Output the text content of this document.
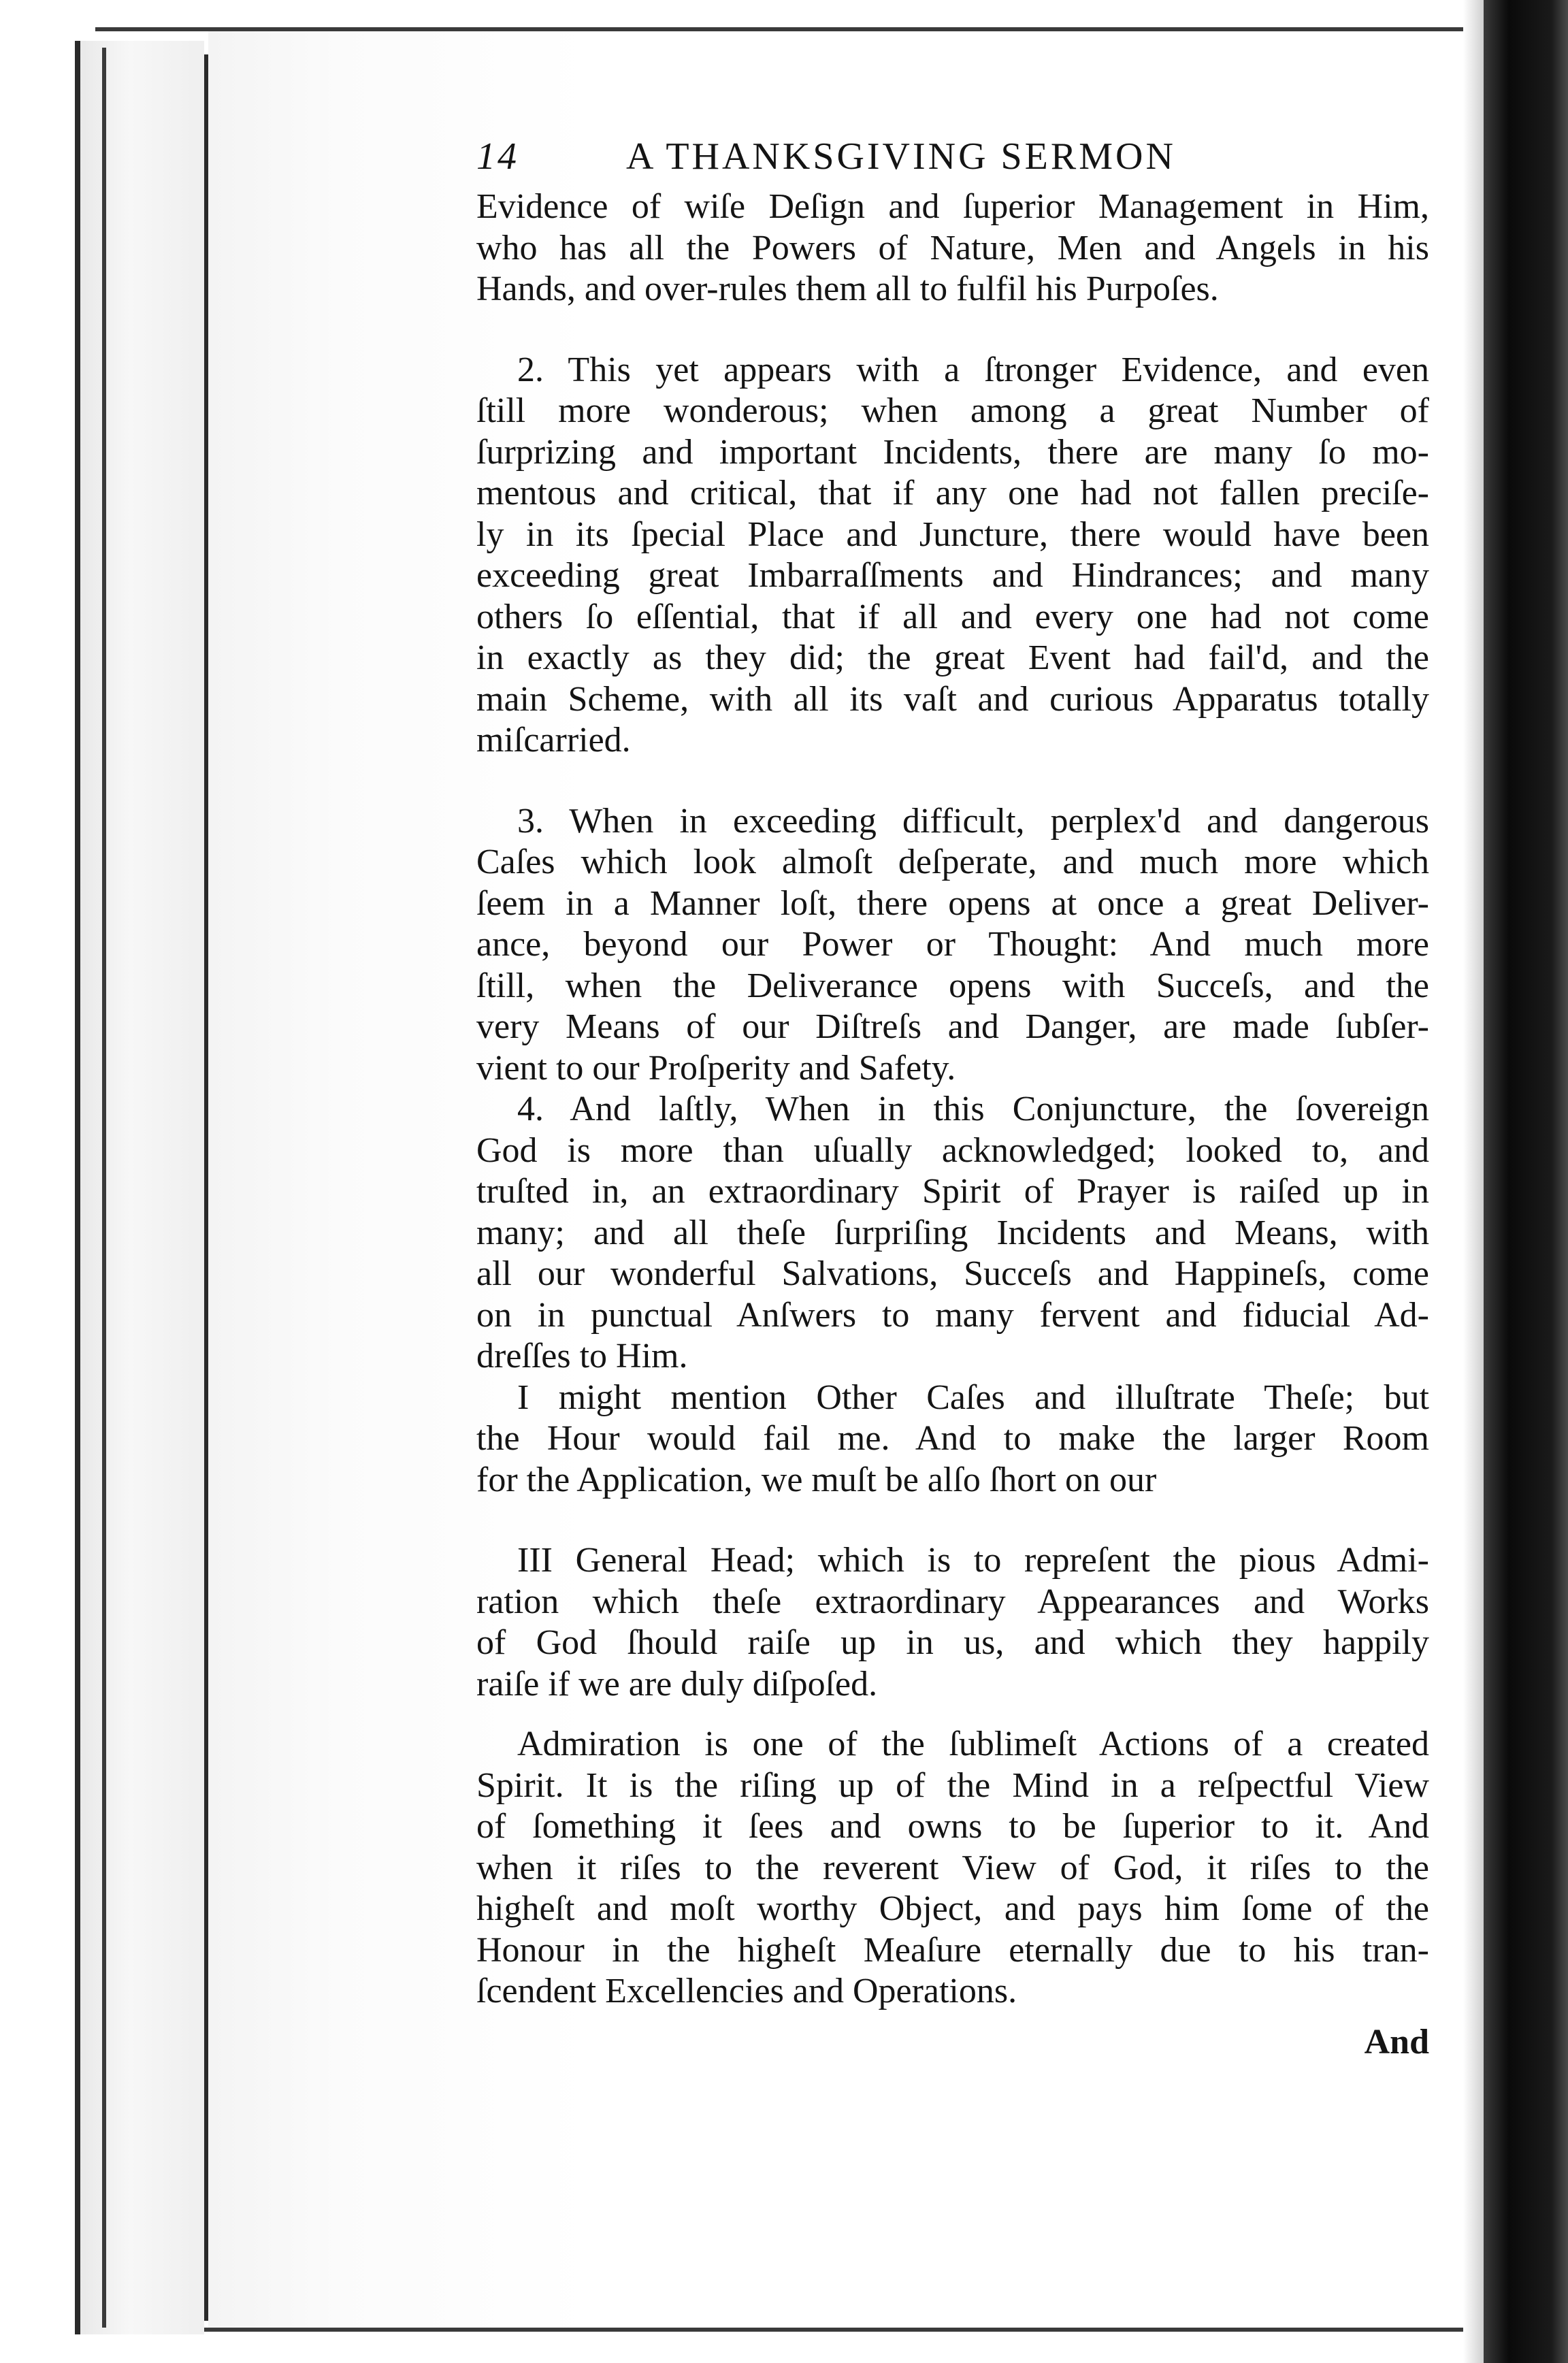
14	A THANKSGIVING SERMON

Evidence of wiſe Deſign and ſuperior Management in Him,
who has all the Powers of Nature, Men and Angels in his
Hands, and over-rules them all to fulfil his Purpoſes.

2. This yet appears with a ſtronger Evidence, and even
ſtill more wonderous; when among a great Number of
ſurprizing and important Incidents, there are many ſo mo-
mentous and critical, that if any one had not fallen preciſe-
ly in its ſpecial Place and Juncture, there would have been
exceeding great Imbarraſſments and Hindrances; and many
others ſo eſſential, that if all and every one had not come
in exactly as they did; the great Event had fail'd, and the
main Scheme, with all its vaſt and curious Apparatus totally
miſcarried.

3. When in exceeding difficult, perplex'd and dangerous
Caſes which look almoſt deſperate, and much more which
ſeem in a Manner loſt, there opens at once a great Deliver-
ance, beyond our Power or Thought: And much more
ſtill, when the Deliverance opens with Succeſs, and the
very Means of our Diſtreſs and Danger, are made ſubſer-
vient to our Proſperity and Safety.

4. And laſtly, When in this Conjuncture, the ſovereign
God is more than uſually acknowledged; looked to, and
truſted in, an extraordinary Spirit of Prayer is raiſed up in
many; and all theſe ſurpriſing Incidents and Means, with
all our wonderful Salvations, Succeſs and Happineſs, come
on in punctual Anſwers to many fervent and fiducial Ad-
dreſſes to Him.

I might mention Other Caſes and illuſtrate Theſe; but
the Hour would fail me. And to make the larger Room
for the Application, we muſt be alſo ſhort on our

III General Head; which is to repreſent the pious Admi-
ration which theſe extraordinary Appearances and Works
of God ſhould raiſe up in us, and which they happily
raiſe if we are duly diſpoſed.

Admiration is one of the ſublimeſt Actions of a created
Spirit. It is the riſing up of the Mind in a reſpectful View
of ſomething it ſees and owns to be ſuperior to it. And
when it riſes to the reverent View of God, it riſes to the
higheſt and moſt worthy Object, and pays him ſome of the
Honour in the higheſt Meaſure eternally due to his tran-
ſcendent Excellencies and Operations.

And
